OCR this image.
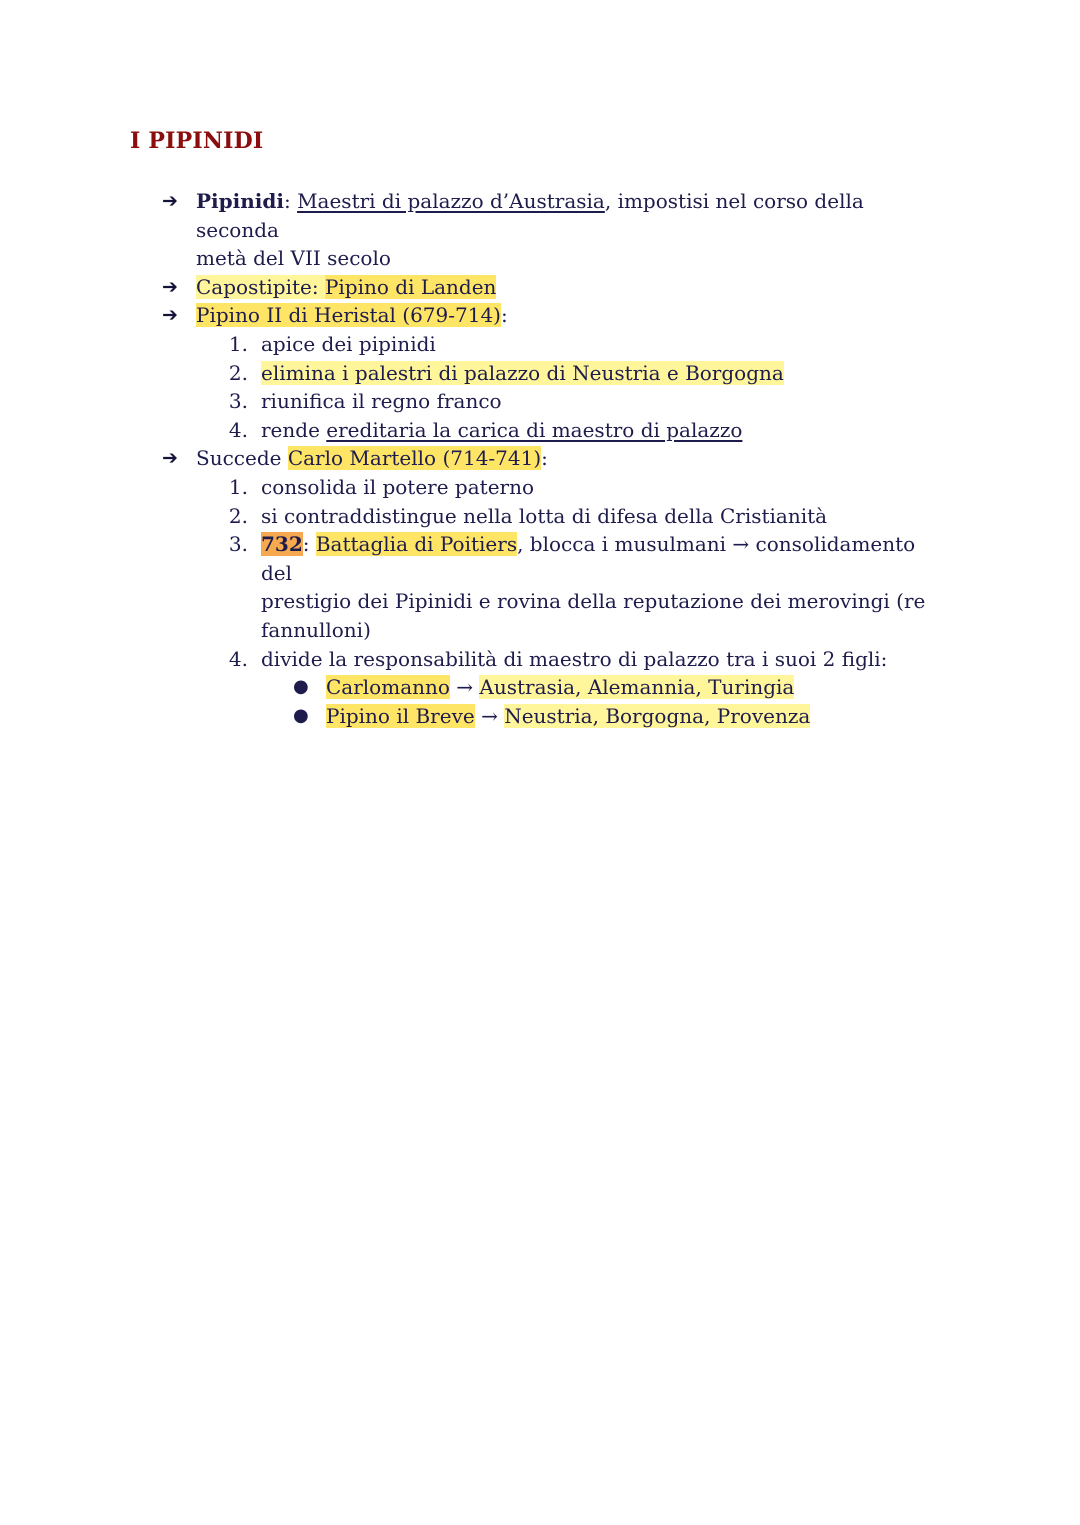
I PIPINIDI
➔ Pipinidi: Maestri di palazzo d’Austrasia, impostisi nel corso della seconda
metà del VII secolo
➔ Capostipite: Pipino di Landen
➔ Pipino II di Heristal (679-714):
1. apice dei pipinidi
2. elimina i palestri di palazzo di Neustria e Borgogna
3. riunifica il regno franco
4. rende ereditaria la carica di maestro di palazzo
➔ Succede Carlo Martello (714-741):
1. consolida il potere paterno
2. si contraddistingue nella lotta di difesa della Cristianità
3. 732: Battaglia di Poitiers, blocca i musulmani → consolidamento del
prestigio dei Pipinidi e rovina della reputazione dei merovingi (re
fannulloni)
4. divide la responsabilità di maestro di palazzo tra i suoi 2 figli:
● Carlomanno → Austrasia, Alemannia, Turingia
● Pipino il Breve → Neustria, Borgogna, Provenza
